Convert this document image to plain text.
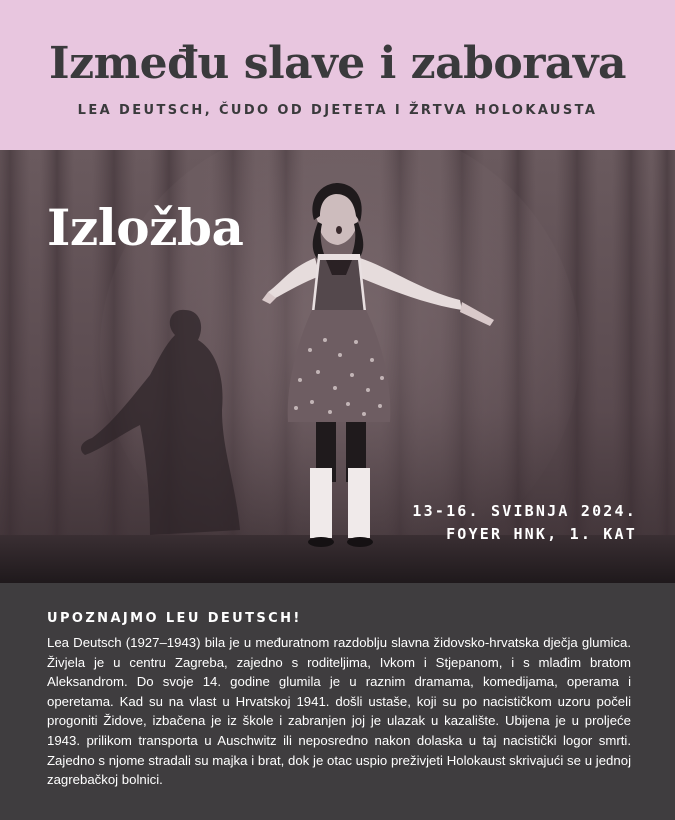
Između slave i zaborava
LEA DEUTSCH, ČUDO OD DJETETA I ŽRTVA HOLOKAUSTA
Izložba
13-16. SVIBNJA 2024.
FOYER HNK, 1. KAT
UPOZNAJMO LEU DEUTSCH!
Lea Deutsch (1927–1943) bila je u međuratnom razdoblju slavna židovsko-hrvatska dječja glumica. Živjela je u centru Zagreba, zajedno s roditeljima, Ivkom i Stjepanom, i s mlađim bratom Aleksandrom. Do svoje 14. godine glumila je u raznim dramama, komedijama, operama i operetama. Kad su na vlast u Hrvatskoj 1941. došli ustaše, koji su po nacističkom uzoru počeli progoniti Židove, izbačena je iz škole i zabranjen joj je ulazak u kazalište. Ubijena je u proljeće 1943. prilikom transporta u Auschwitz ili neposredno nakon dolaska u taj nacistički logor smrti. Zajedno s njome stradali su majka i brat, dok je otac uspio preživjeti Holokaust skrivajući se u jednoj zagrebačkoj bolnici.
